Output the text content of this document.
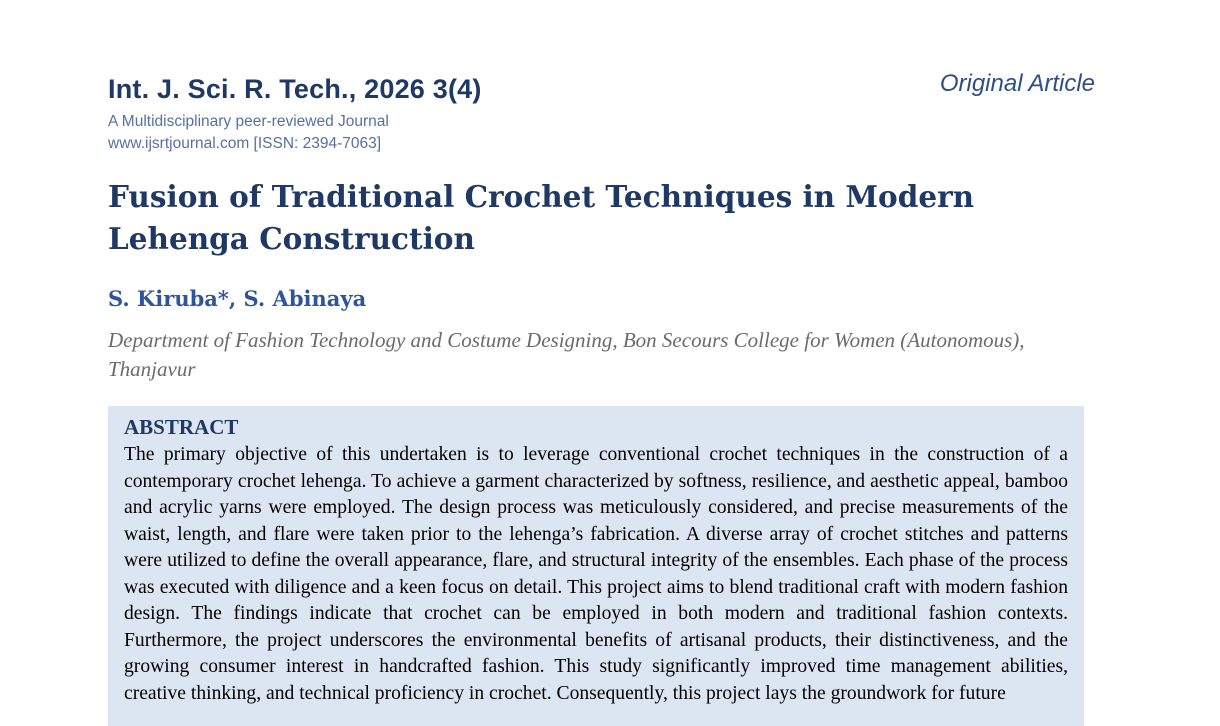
Int. J. Sci. R. Tech., 2026 3(4)	Original Article

A Multidisciplinary peer-reviewed Journal

www.ijsrtjournal.com [ISSN: 2394-7063]

Fusion of Traditional Crochet Techniques in Modern Lehenga Construction

S. Kiruba*, S. Abinaya

Department of Fashion Technology and Costume Designing, Bon Secours College for Women (Autonomous), Thanjavur

ABSTRACT

The primary objective of this undertaken is to leverage conventional crochet techniques in the construction of a contemporary crochet lehenga. To achieve a garment characterized by softness, resilience, and aesthetic appeal, bamboo and acrylic yarns were employed. The design process was meticulously considered, and precise measurements of the waist, length, and flare were taken prior to the lehenga’s fabrication. A diverse array of crochet stitches and patterns were utilized to define the overall appearance, flare, and structural integrity of the ensembles. Each phase of the process was executed with diligence and a keen focus on detail. This project aims to blend traditional craft with modern fashion design. The findings indicate that crochet can be employed in both modern and traditional fashion contexts. Furthermore, the project underscores the environmental benefits of artisanal products, their distinctiveness, and the growing consumer interest in handcrafted fashion. This study significantly improved time management abilities, creative thinking, and technical proficiency in crochet. Consequently, this project lays the groundwork for future
